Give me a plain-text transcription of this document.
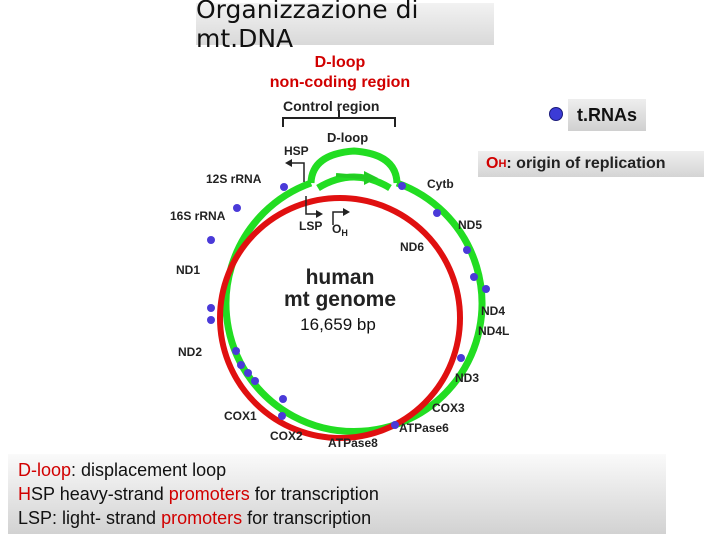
Organizzazione di mt.DNA
D-loop
non-coding region
t.RNAs
O H : origin of replication
Control region
D-loop
HSP
LSP $O_H$
12S rRNA
16S rRNA
ND1
ND2
COX1
COX2 ATPase8
ATPase6
COX3
ND3
ND4L
ND4
ND6
ND5
Cytb
human
mt genome
16,659 bp
D-loop: displacement loop
HSP heavy-strand promoters for transcription
LSP: light- strand promoters for transcription
